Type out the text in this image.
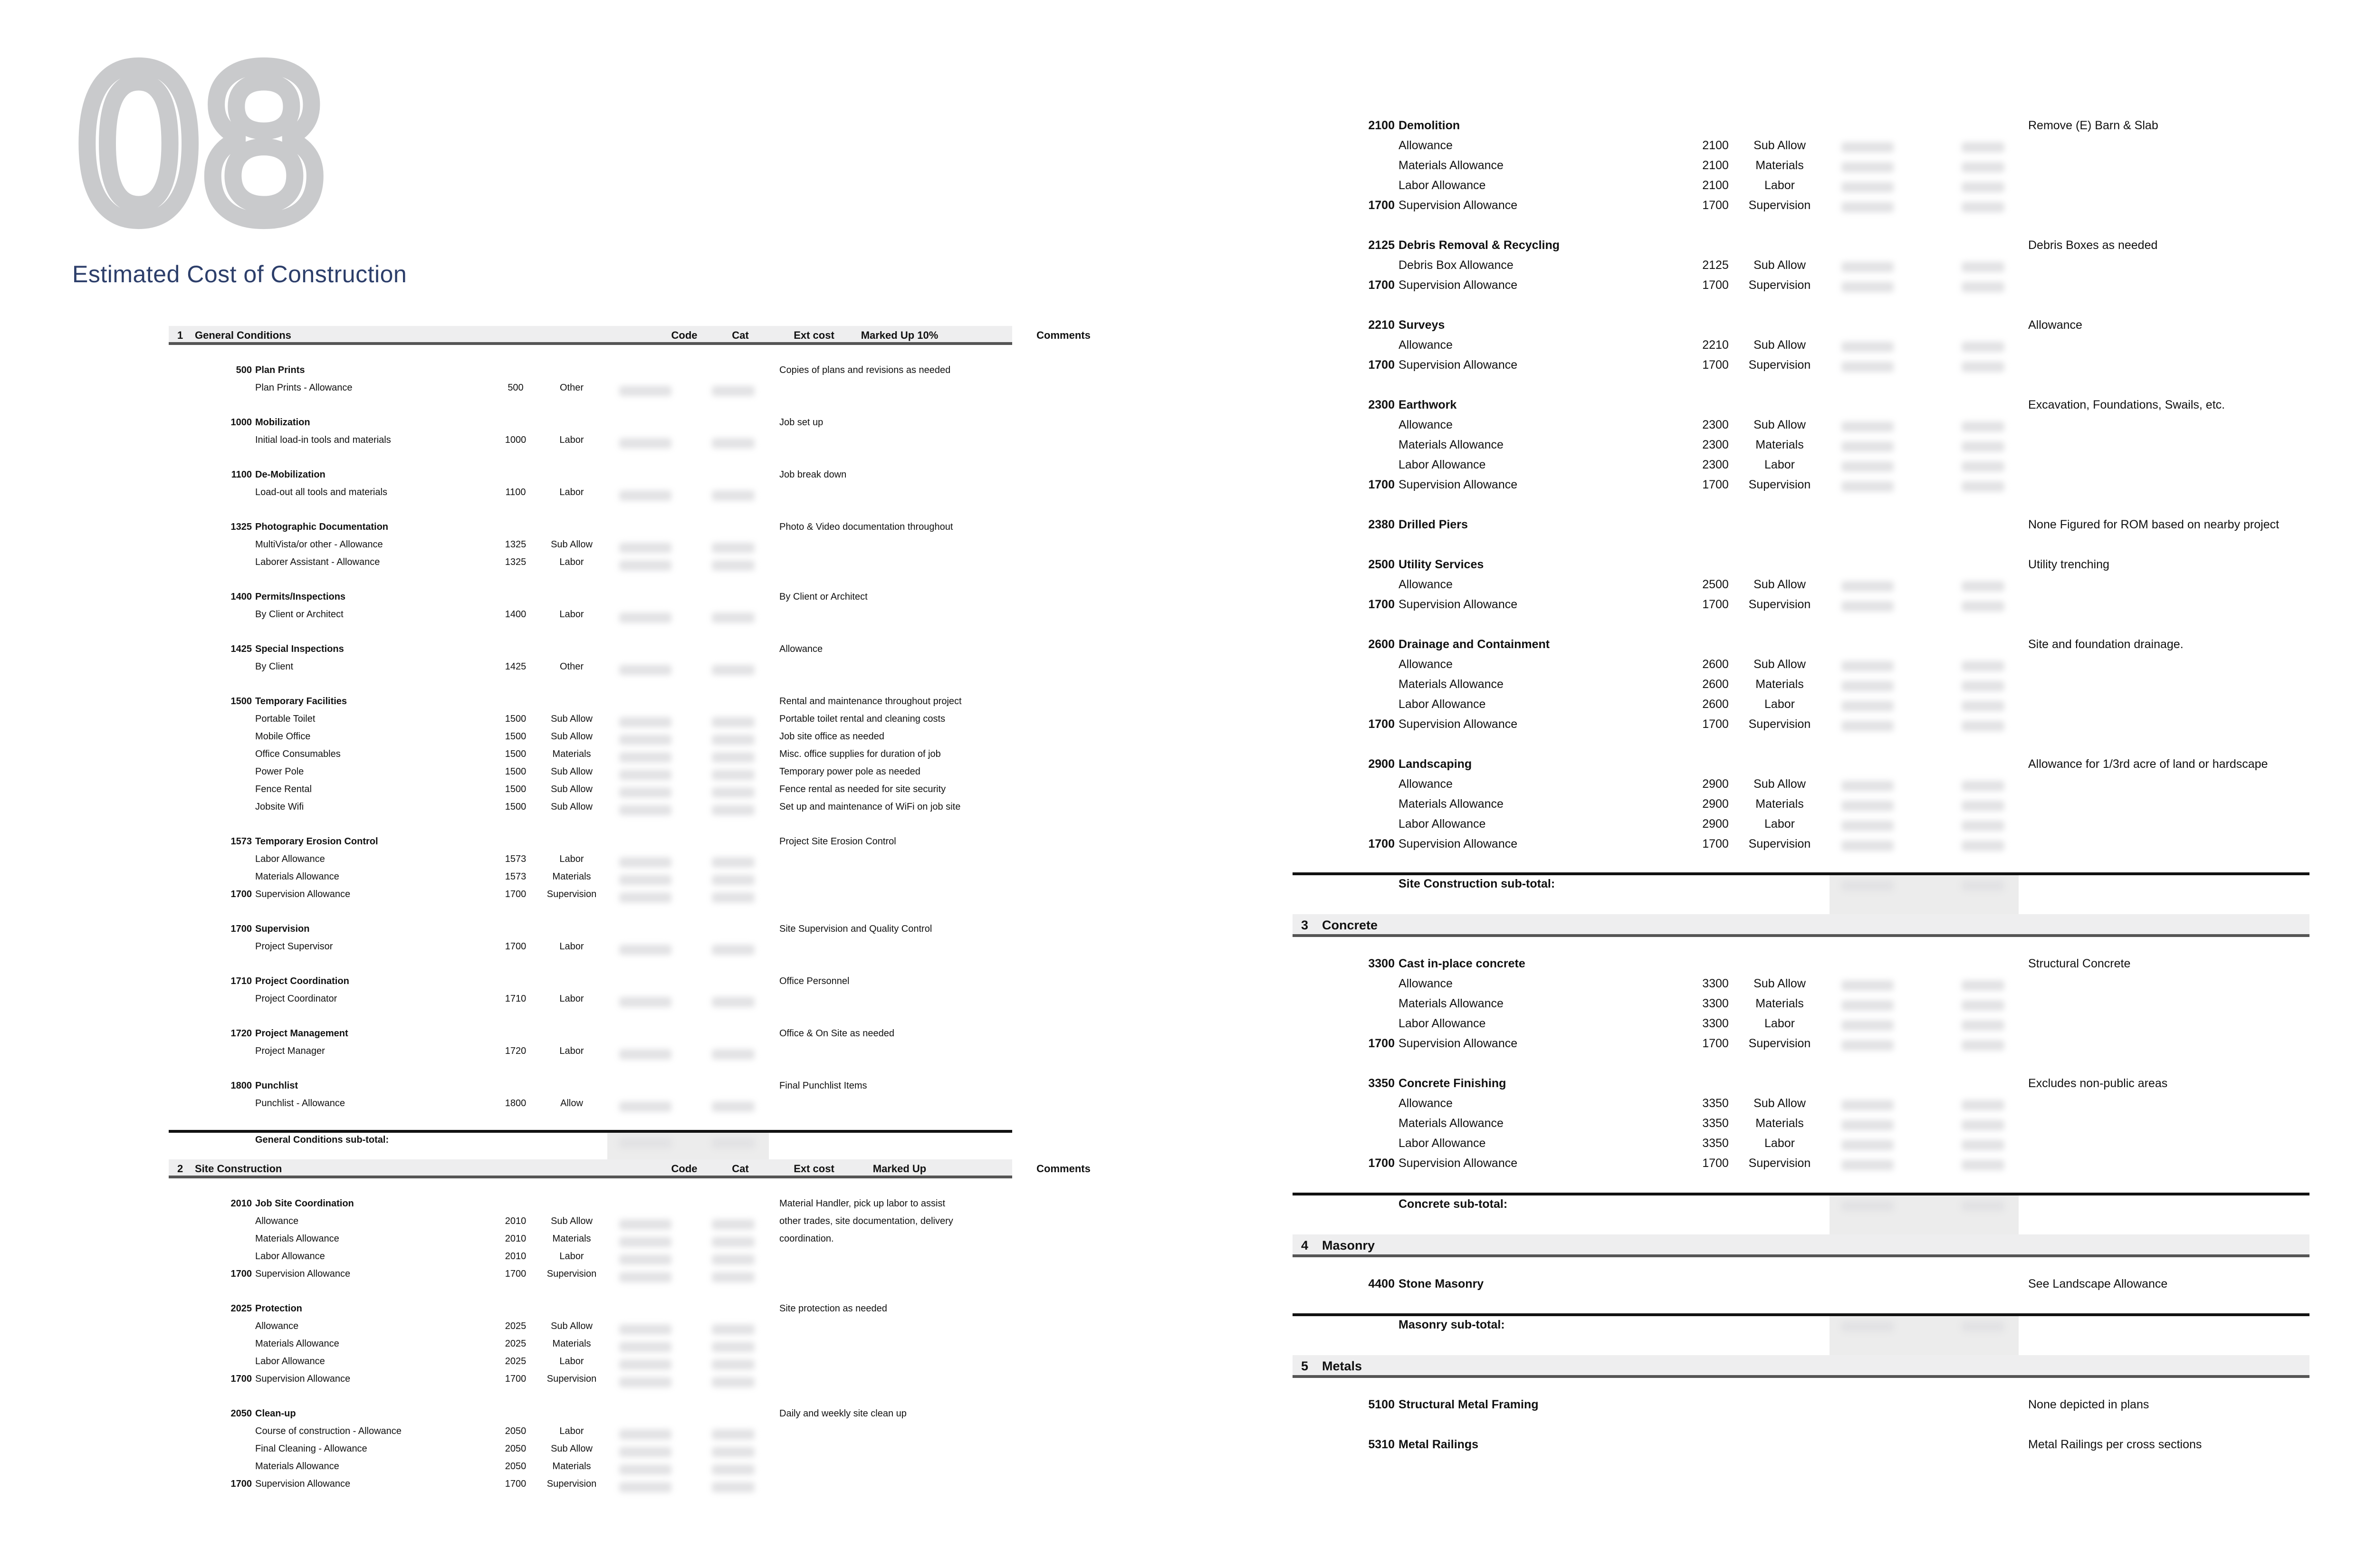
08
Estimated Cost of Construction
1 General Conditions	Code	Cat	Ext cost	Marked Up 10%	Comments
500 Plan Prints	Copies of plans and revisions as needed
Plan Prints - Allowance	500	Other
1000 Mobilization	Job set up
Initial load-in tools and materials	1000	Labor
1100 De-Mobilization	Job break down
Load-out all tools and materials	1100	Labor
1325 Photographic Documentation	Photo & Video documentation throughout
MultiVista/or other - Allowance	1325	Sub Allow
Laborer Assistant - Allowance	1325	Labor
1400 Permits/Inspections	By Client or Architect
By Client or Architect	1400	Labor
1425 Special Inspections	Allowance
By Client	1425	Other
1500 Temporary Facilities	Rental and maintenance throughout project
Portable Toilet	1500	Sub Allow	Portable toilet rental and cleaning costs
Mobile Office	1500	Sub Allow	Job site office as needed
Office Consumables	1500	Materials	Misc. office supplies for duration of job
Power Pole	1500	Sub Allow	Temporary power pole as needed
Fence Rental	1500	Sub Allow	Fence rental as needed for site security
Jobsite Wifi	1500	Sub Allow	Set up and maintenance of WiFi on job site
1573 Temporary Erosion Control	Project Site Erosion Control
Labor Allowance	1573	Labor
Materials Allowance	1573	Materials
1700 Supervision Allowance	1700	Supervision
1700 Supervision	Site Supervision and Quality Control
Project Supervisor	1700	Labor
1710 Project Coordination	Office Personnel
Project Coordinator	1710	Labor
1720 Project Management	Office & On Site as needed
Project Manager	1720	Labor
1800 Punchlist	Final Punchlist Items
Punchlist - Allowance	1800	Allow
General Conditions sub-total:
2 Site Construction	Code	Cat	Ext cost	Marked Up	Comments
2010 Job Site Coordination	Material Handler, pick up labor to assist
Allowance	2010	Sub Allow	other trades, site documentation, delivery
Materials Allowance	2010	Materials	coordination.
Labor Allowance	2010	Labor
1700 Supervision Allowance	1700	Supervision
2025 Protection	Site protection as needed
Allowance	2025	Sub Allow
Materials Allowance	2025	Materials
Labor Allowance	2025	Labor
1700 Supervision Allowance	1700	Supervision
2050 Clean-up	Daily and weekly site clean up
Course of construction - Allowance	2050	Labor
Final Cleaning - Allowance	2050	Sub Allow
Materials Allowance	2050	Materials
1700 Supervision Allowance	1700	Supervision
2100 Demolition	Remove (E) Barn & Slab
Allowance	2100	Sub Allow
Materials Allowance	2100	Materials
Labor Allowance	2100	Labor
1700 Supervision Allowance	1700	Supervision
2125 Debris Removal & Recycling	Debris Boxes as needed
Debris Box Allowance	2125	Sub Allow
1700 Supervision Allowance	1700	Supervision
2210 Surveys	Allowance
Allowance	2210	Sub Allow
1700 Supervision Allowance	1700	Supervision
2300 Earthwork	Excavation, Foundations, Swails, etc.
Allowance	2300	Sub Allow
Materials Allowance	2300	Materials
Labor Allowance	2300	Labor
1700 Supervision Allowance	1700	Supervision
2380 Drilled Piers	None Figured for ROM based on nearby project
2500 Utility Services	Utility trenching
Allowance	2500	Sub Allow
1700 Supervision Allowance	1700	Supervision
2600 Drainage and Containment	Site and foundation drainage.
Allowance	2600	Sub Allow
Materials Allowance	2600	Materials
Labor Allowance	2600	Labor
1700 Supervision Allowance	1700	Supervision
2900 Landscaping	Allowance for 1/3rd acre of land or hardscape
Allowance	2900	Sub Allow
Materials Allowance	2900	Materials
Labor Allowance	2900	Labor
1700 Supervision Allowance	1700	Supervision
Site Construction sub-total:
3 Concrete
3300 Cast in-place concrete	Structural Concrete
Allowance	3300	Sub Allow
Materials Allowance	3300	Materials
Labor Allowance	3300	Labor
1700 Supervision Allowance	1700	Supervision
3350 Concrete Finishing	Excludes non-public areas
Allowance	3350	Sub Allow
Materials Allowance	3350	Materials
Labor Allowance	3350	Labor
1700 Supervision Allowance	1700	Supervision
Concrete sub-total:
4 Masonry
4400 Stone Masonry	See Landscape Allowance
Masonry sub-total:
5 Metals
5100 Structural Metal Framing	None depicted in plans
5310 Metal Railings	Metal Railings per cross sections
